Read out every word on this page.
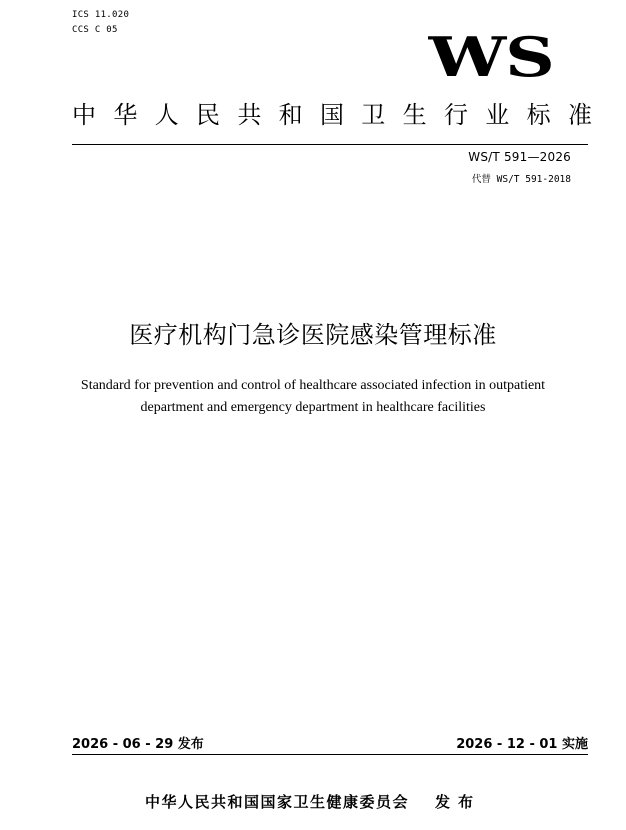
ICS 11.020
CCS C 05	WS
中 华 人 民 共 和 国 卫 生 行 业 标 准
WS/T 591—2026
代替 WS/T 591-2018
医疗机构门急诊医院感染管理标准
Standard for prevention and control of healthcare associated infection in outpatient
department and emergency department in healthcare facilities
2026 - 06 - 29 发布	2026 - 12 - 01 实施
中华人民共和国国家卫生健康委员会 发布
